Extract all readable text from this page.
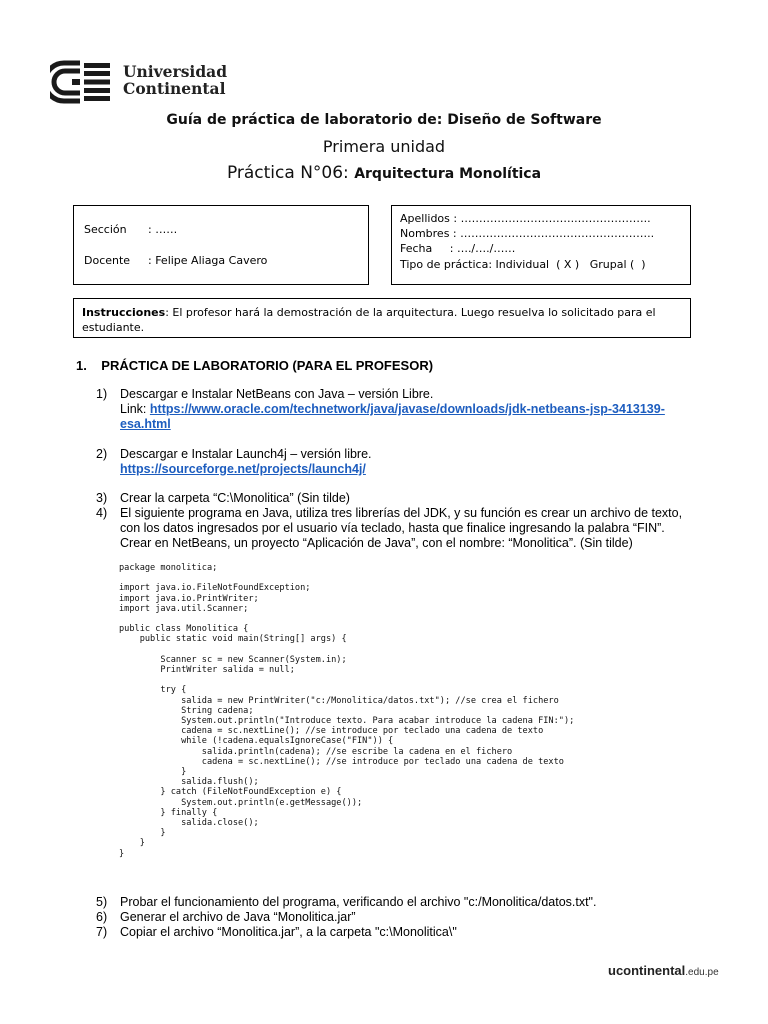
Universidad
Continental
Guía de práctica de laboratorio de: Diseño de Software
Primera unidad
Práctica N°06: Arquitectura Monolítica
Sección : ……
Docente : Felipe Aliaga Cavero
Apellidos : …………………………..………………..
Nombres : ……………………………………………..
Fecha     : …./…./……
Tipo de práctica: Individual  ( X )   Grupal (  )
Instrucciones: El profesor hará la demostración de la arquitectura. Luego resuelva lo solicitado para el estudiante.
1.    PRÁCTICA DE LABORATORIO (PARA EL PROFESOR)
1)	Descargar e Instalar NetBeans con Java – versión Libre.
Link: https://www.oracle.com/technetwork/java/javase/downloads/jdk-netbeans-jsp-3413139-
esa.html
2)	Descargar e Instalar Launch4j – versión libre.
https://sourceforge.net/projects/launch4j/
3)	Crear la carpeta “C:\Monolitica” (Sin tilde)
4)	El siguiente programa en Java, utiliza tres librerías del JDK, y su función es crear un archivo de texto,
con los datos ingresados por el usuario vía teclado, hasta que finalice ingresando la palabra “FIN”.
Crear en NetBeans, un proyecto “Aplicación de Java”, con el nombre: “Monolitica”. (Sin tilde)
package monolitica;

import java.io.FileNotFoundException;
import java.io.PrintWriter;
import java.util.Scanner;

public class Monolitica {
public static void main(String[] args) {

Scanner sc = new Scanner(System.in);
PrintWriter salida = null;

try {
salida = new PrintWriter("c:/Monolitica/datos.txt"); //se crea el fichero
String cadena;
System.out.println("Introduce texto. Para acabar introduce la cadena FIN:");
cadena = sc.nextLine(); //se introduce por teclado una cadena de texto
while (!cadena.equalsIgnoreCase("FIN")) {
salida.println(cadena); //se escribe la cadena en el fichero
cadena = sc.nextLine(); //se introduce por teclado una cadena de texto
}
salida.flush();
} catch (FileNotFoundException e) {
System.out.println(e.getMessage());
} finally {
salida.close();
}
}
}
5)	Probar el funcionamiento del programa, verificando el archivo "c:/Monolitica/datos.txt".
6)	Generar el archivo de Java “Monolitica.jar”
7)	Copiar el archivo “Monolitica.jar”, a la carpeta "c:\Monolitica\"
ucontinental.edu.pe
